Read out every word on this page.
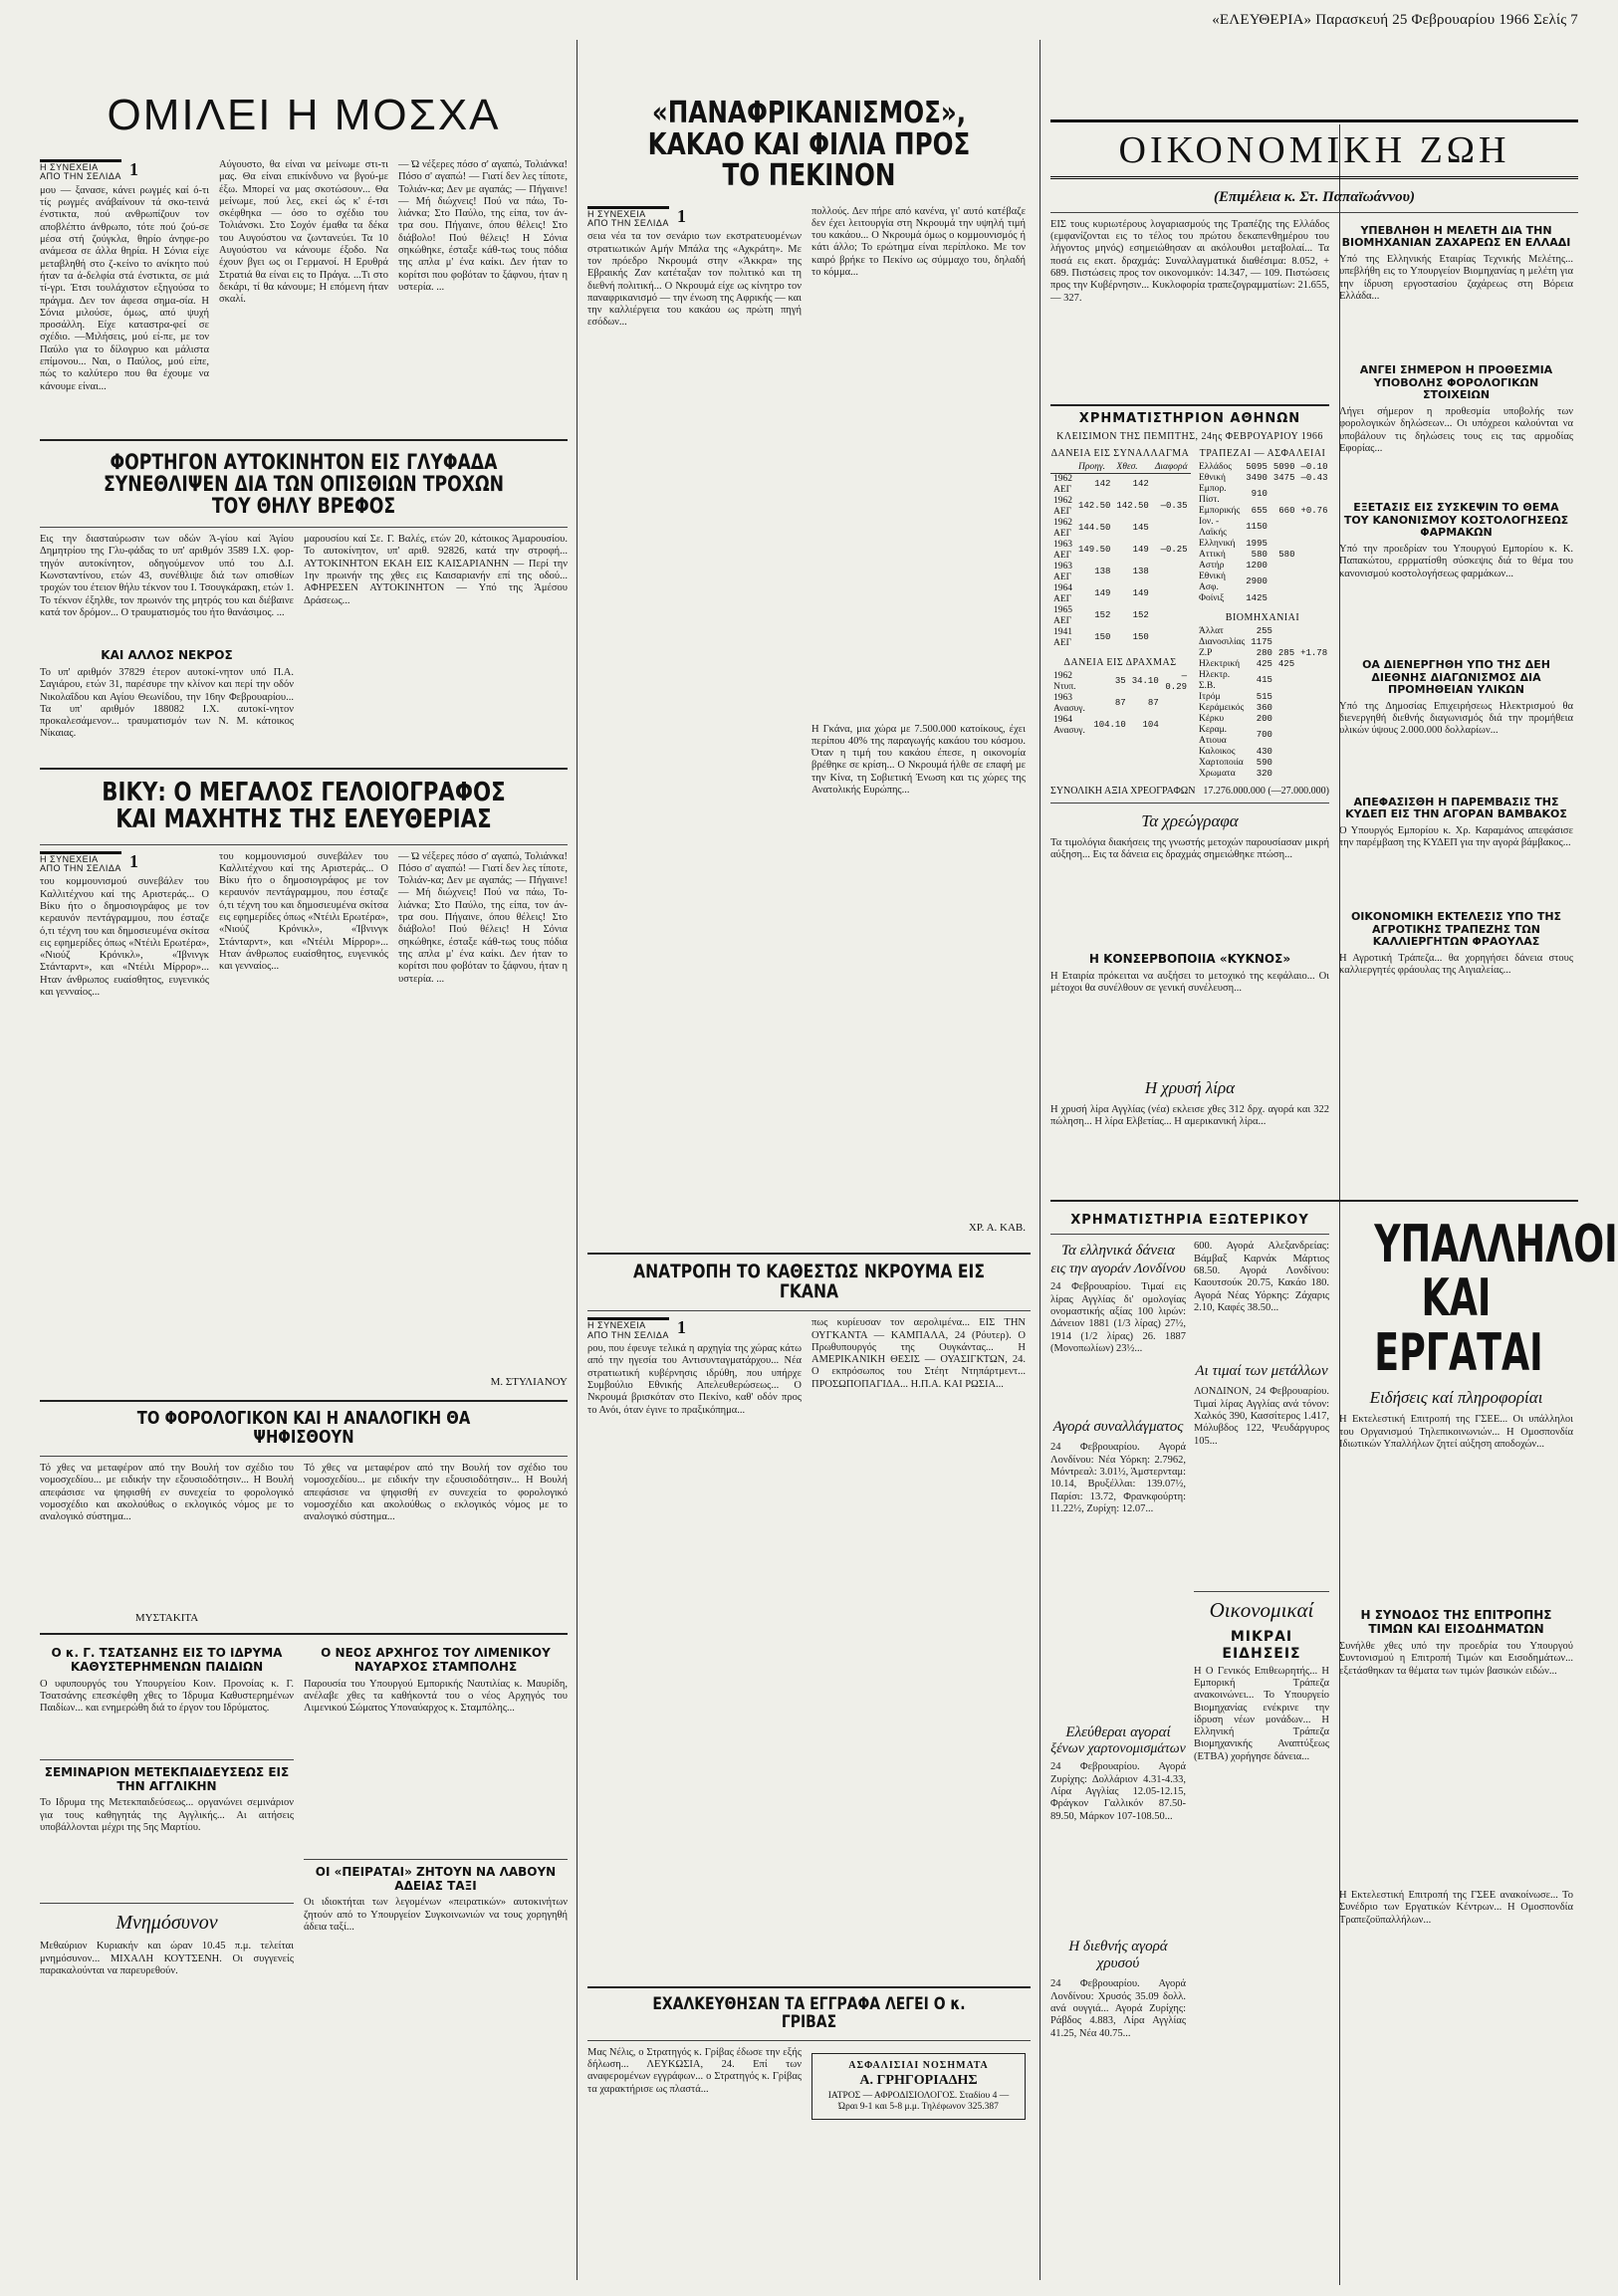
«ΕΛΕΥΘΕΡΙΑ» Παρασκευή 25 Φεβρουαρίου 1966 Σελίς 7
ΟΜΙΛΕΙ Η ΜΟΣΧΑ
Η ΣΥΝΕΧΕΙΑ
ΑΠΟ ΤΗΝ ΣΕΛΙΔΑ 1

μου — ξανασε, κάνει ρωγμές καί ό-τι τίς ρωγμές ανάβαίνουν τά σκο-τεινά ένστικτα, πού ανθρωπίζουν τον αποβλέπτο άνθρωπο, τότε πού ζού-σε μέσα στή ζούγκλα, θηρίο άνηφε-ρο ανάμεσα σε άλλα θηρία. Η Σόνια είχε μεταβληθή στο ζ-κείνο το ανίκητο πού ήταν τα ά-δελφία στά ένστικτα, σε μιά τί-γρι. Έτσι τουλάχιστον εξηγούσα το πράγμα. Δεν τον άφεσα σημα-σία. Η Σόνια μιλούσε, όμως, από ψυχή προσάλλη. Είχε καταστρα-φεί σε σχέδιο. —Μιλήσεις, μού εί-πε, με τον Παύλο για το δίλογρυο και μάλιστα επίμονου... Ναι, ο Παύλος, μού είπε, πώς το καλύτερο που θα έχουμε να κάνουμε είναι...

Αύγουστο, θα είναι να μείνωμε στι-τι μας. Θα είναι επικίνδυνο να βγού-με έξω. Μπορεί να μας σκοτώσουν... Θα μείνωμε, πού λες, εκεί ώς κ' έ-τσι σκέφθηκα — όσο το σχέδιο του Τολιάνσκι. Στο Σοχόν έμαθα τα δέκα του Αυγούστου να ζωντανεύει. Τα 10 Αυγούστου να κάνουμε έξοδο. Να έχουν βγει ως οι Γερμανοί. Η Ερυθρά Στρατιά θα είναι εις το Πράγα. ...Τι στο δεκάρι, τί θα κάνουμε; Η επόμενη ήταν σκαλί.

— Ώ νέξερες πόσο σ' αγαπώ, Τολιάνκα! Πόσο σ' αγαπώ! — Γιατί δεν λες τίποτε, Τολιάν-κα; Δεν με αγαπάς; — Πήγαινε! — Μή διώχνεις! Πού να πάω, Το-λιάνκα; Στο Παύλο, της είπα, τον άν-τρα σου. Πήγαινε, όπου θέλεις! Στο διάβολο! Πού θέλεις! Η Σόνια σηκώθηκε, έσταξε κάθ-τως τους πόδια της απλα μ' ένα καίκι. Δεν ήταν το κορίτσι που φοβόταν το ξάφνου, ήταν η υστερία. ...

ΦΟΡΤΗΓΟΝ ΑΥΤΟΚΙΝΗΤΟΝ ΕΙΣ ΓΛΥΦΑΔΑ ΣΥΝΕΘΛΙΨΕΝ ΔΙΑ ΤΩΝ ΟΠΙΣΘΙΩΝ ΤΡΟΧΩΝ ΤΟΥ ΘΗΛΥ ΒΡΕΦΟΣ

Εις την διασταύρωσιν των οδών Ά-γίου καί Άγίου Δημητρίου της Γλυ-φάδας το υπ' αριθμόν 3589 Ι.Χ. φορ-τηγόν αυτοκίνητον, οδηγούμενον υπό του Δ.Ι. Κωνσταντίνου, ετών 43, συνέθλιψε διά των οπισθίων τροχών του έτειον θήλυ τέκνον του Ι. Τσουγκάρακη, ετών 1. Το τέκνον έξηλθε, τον πρωινόν της μητρός του και διέβαινε κατά τον δρόμον... Ο τραυματισμός του ήτο θανάσιμος. ...

ΚΑΙ ΑΛΛΟΣ ΝΕΚΡΟΣ

Το υπ' αριθμόν 37829 έτερον αυτοκί-νητον υπό Π.Α. Σαγιάρου, ετών 31, παρέσυρε την κλίνον και περί την οδόν Νικολαΐδου και Αγίου Θεωνίδου, την 16ην Φεβρουαρίου... Τα υπ' αριθμόν 188082 Ι.Χ. αυτοκί-νητον προκαλεσάμενον... τραυματισμόν των Ν. Μ. κάτοικος Νίκαιας.

μαρουσίου καί Σε. Γ. Βαλές, ετών 20, κάτοικος Άμαρουσίου. Το αυτοκίνητον, υπ' αριθ. 92826, κατά την στροφή... ΑΥΤΟΚΙΝΗΤΟΝ ΕΚΑΗ ΕΙΣ ΚΑΙΣΑΡΙΑΝΗΝ — Περί την 1ην πρωινήν της χθες εις Καισαριανήν επί της οδού... ΑΦΗΡΕΣΕΝ ΑΥΤΟΚΙΝΗΤΟΝ — Υπό της Άμέσου Δράσεως...

ΒΙΚΥ: Ο ΜΕΓΑΛΟΣ ΓΕΛΟΙΟΓΡΑΦΟΣ ΚΑΙ ΜΑΧΗΤΗΣ ΤΗΣ ΕΛΕΥΘΕΡΙΑΣ
Η ΣΥΝΕΧΕΙΑ
ΑΠΟ ΤΗΝ ΣΕΛΙΔΑ 1

του κομμουνισμού συνεβάλεν του Καλλιτέχνου καί της Αριστεράς... Ο Βίκυ ήτο ο δημοσιογράφος με τον κεραυνόν πεντάγραμμου, που έσταζε ό,τι τέχνη του και δημοσιευμένα σκίτσα εις εφημερίδες όπως «Ντέιλι Ερωτέρα», «Νιούζ Κρόνικλ», «Ίβνινγκ Στάνταρντ», και «Ντέιλι Μίρρορ»... Ηταν άνθρωπος ευαίσθητος, ευγενικός και γενναίος...

του κομμουνισμού συνεβάλεν του Καλλιτέχνου καί της Αριστεράς... Ο Βίκυ ήτο ο δημοσιογράφος με τον κεραυνόν πεντάγραμμου, που έσταζε ό,τι τέχνη του και δημοσιευμένα σκίτσα εις εφημερίδες όπως «Ντέιλι Ερωτέρα», «Νιούζ Κρόνικλ», «Ίβνινγκ Στάνταρντ», και «Ντέιλι Μίρρορ»... Ηταν άνθρωπος ευαίσθητος, ευγενικός και γενναίος...

— Ώ νέξερες πόσο σ' αγαπώ, Τολιάνκα! Πόσο σ' αγαπώ! — Γιατί δεν λες τίποτε, Τολιάν-κα; Δεν με αγαπάς; — Πήγαινε! — Μή διώχνεις! Πού να πάω, Το-λιάνκα; Στο Παύλο, της είπα, τον άν-τρα σου. Πήγαινε, όπου θέλεις! Στο διάβολο! Πού θέλεις! Η Σόνια σηκώθηκε, έσταξε κάθ-τως τους πόδια της απλα μ' ένα καίκι. Δεν ήταν το κορίτσι που φοβόταν το ξάφνου, ήταν η υστερία. ...

Μ. ΣΤΥΛΙΑΝΟΥ
ΤΟ ΦΟΡΟΛΟΓΙΚΟΝ ΚΑΙ Η ΑΝΑΛΟΓΙΚΗ ΘΑ ΨΗΦΙΣΘΟΥΝ

Τό χθες να μεταφέρον από την Βουλή τον σχέδιο του νομοσχεδίου... με ειδικήν την εξουσιοδότησιν... Η Βουλή απεφάσισε να ψηφισθή εν συνεχεία το φορολογικό νομοσχέδιο και ακολούθως ο εκλογικός νόμος με το αναλογικό σύστημα...

ΜΥΣΤΑΚΙΤΑ

Τό χθες να μεταφέρον από την Βουλή τον σχέδιο του νομοσχεδίου... με ειδικήν την εξουσιοδότησιν... Η Βουλή απεφάσισε να ψηφισθή εν συνεχεία το φορολογικό νομοσχέδιο και ακολούθως ο εκλογικός νόμος με το αναλογικό σύστημα...

Ο κ. Γ. ΤΣΑΤΣΑΝΗΣ ΕΙΣ ΤΟ ΙΔΡΥΜΑ ΚΑΘΥΣΤΕΡΗΜΕΝΩΝ ΠΑΙΔΙΩΝ

Ο υφυπουργός του Υπουργείου Κοιν. Προνοίας κ. Γ. Τσατσάνης επεσκέφθη χθες το Ίδρυμα Καθυστερημένων Παιδίων... και ενημερώθη διά το έργον του Ιδρύματος.

ΣΕΜΙΝΑΡΙΟΝ ΜΕΤΕΚΠΑΙΔΕΥΣΕΩΣ ΕΙΣ ΤΗΝ ΑΓΓΛΙΚΗΝ

Το Ιδρυμα της Μετεκπαιδεύσεως... οργανώνει σεμινάριον για τους καθηγητάς της Αγγλικής... Αι αιτήσεις υποβάλλονται μέχρι της 5ης Μαρτίου.

Μνημόσυνον

Μεθαύριον Κυριακήν και ώραν 10.45 π.μ. τελείται μνημόσυνον... ΜΙΧΑΛΗ ΚΟΥΤΣΕΝΗ. Οι συγγενείς παρακαλούνται να παρευρεθούν.

Ο ΝΕΟΣ ΑΡΧΗΓΟΣ ΤΟΥ ΛΙΜΕΝΙΚΟΥ ΝΑΥΑΡΧΟΣ ΣΤΑΜΠΟΛΗΣ

Παρουσία του Υπουργού Εμπορικής Ναυτιλίας κ. Μαυρίδη, ανέλαβε χθες τα καθήκοντά του ο νέος Αρχηγός του Λιμενικού Σώματος Υποναύαρχος κ. Σταμπόλης...

ΟΙ «ΠΕΙΡΑΤΑΙ» ΖΗΤΟΥΝ ΝΑ ΛΑΒΟΥΝ ΑΔΕΙΑΣ ΤΑΞΙ

Οι ιδιοκτήται των λεγομένων «πειρατικών» αυτοκινήτων ζητούν από το Υπουργείον Συγκοινωνιών να τους χορηγηθή άδεια ταξί...

«ΠΑΝΑΦΡΙΚΑΝΙΣΜΟΣ», ΚΑΚΑΟ ΚΑΙ ΦΙΛΙΑ ΠΡΟΣ ΤΟ ΠΕΚΙΝΟΝ
Η ΣΥΝΕΧΕΙΑ
ΑΠΟ ΤΗΝ ΣΕΛΙΔΑ 1

σεια νέα τα τον σενάριο των εκστρατευομένων στρατιωτικών Αμήν Μπάλα της «Αχκράτη». Με τον πρόεδρο Νκρουμά στην «Άκκρα» της Εβραικής Ζαν κατέταξαν τον πολιτικό και τη διεθνή πολιτική... Ο Νκρουμά είχε ως κίνητρο τον παναφρικανισμό — την ένωση της Αφρικής — και την καλλιέργεια του κακάου ως πρώτη πηγή εσόδων...

πολλούς. Δεν πήρε από κανένα, γι' αυτό κατέβαζε δεν έχει λειτουργία στη Νκρουμά την υψηλή τιμή του κακάου... Ο Νκρουμά όμως ο κομμουνισμός ή κάτι άλλο; Το ερώτημα είναι περίπλοκο. Με τον καιρό βρήκε το Πεκίνο ως σύμμαχο του, δηλαδή το κόμμα...

Η Γκάνα, μια χώρα με 7.500.000 κατοίκους, έχει περίπου 40% της παραγωγής κακάου του κόσμου. Όταν η τιμή του κακάου έπεσε, η οικονομία βρέθηκε σε κρίση... Ο Νκρουμά ήλθε σε επαφή με την Κίνα, τη Σοβιετική Ένωση και τις χώρες της Ανατολικής Ευρώπης...

ΧΡ. Α. ΚΑΒ.
ΑΝΑΤΡΟΠΗ ΤΟ ΚΑΘΕΣΤΩΣ ΝΚΡΟΥΜΑ ΕΙΣ ΓΚΑΝΑ
Η ΣΥΝΕΧΕΙΑ
ΑΠΟ ΤΗΝ ΣΕΛΙΔΑ 1

ρου, που έφευγε τελικά η αρχηγία της χώρας κάτω από την ηγεσία του Αντισυνταγματάρχου... Νέα στρατιωτική κυβέρνησις ιδρύθη, που υπήρχε Συμβούλιο Εθνικής Απελευθερώσεως... Ο Νκρουμά βρισκόταν στο Πεκίνο, καθ' οδόν προς το Ανόι, όταν έγινε το πραξικόπημα...

πως κυρίευσαν τον αερολιμένα... ΕΙΣ ΤΗΝ ΟΥΓΚΑΝΤΑ — ΚΑΜΠΑΛΑ, 24 (Ρόυτερ). Ο Πρωθυπουργός της Ουγκάντας... Η ΑΜΕΡΙΚΑΝΙΚΗ ΘΕΣΙΣ — ΟΥΑΣΙΓΚΤΩΝ, 24. Ο εκπρόσωπος του Στέητ Ντηπάρτμεντ... ΠΡΟΣΩΠΟΠΑΓΙΔΑ... Η.Π.Α. ΚΑΙ ΡΩΣΙΑ...

ΕΧΑΛΚΕΥΘΗΣΑΝ ΤΑ ΕΓΓΡΑΦΑ ΛΕΓΕΙ Ο κ. ΓΡΙΒΑΣ

Μας Νέλις, ο Στρατηγός κ. Γρίβας έδωσε την εξής δήλωση... ΛΕΥΚΩΣΙΑ, 24. Επί των αναφερομένων εγγράφων... ο Στρατηγός κ. Γρίβας τα χαρακτήρισε ως πλαστά...

ΑΣΦΑΛΙΣΙΑΙ ΝΟΣΗΜΑΤΑ
Α. ΓΡΗΓΟΡΙΑΔΗΣ
ΙΑΤΡΟΣ — ΑΦΡΟΔΙΣΙΟΛΟΓΟΣ. Σταδίου 4 — Ώραι 9-1 και 5-8 μ.μ. Τηλέφωνον 325.387
ΟΙΚΟΝΟΜΙΚΗ ΖΩΗ
(Επιμέλεια κ. Στ. Παπαϊωάννου)

ΕΙΣ τους κυριωτέρους λογαριασμούς της Τραπέζης της Ελλάδος (εμφανίζονται εις το τέλος του πρώτου δεκαπενθημέρου του λήγοντος μηνός) εσημειώθησαν αι ακόλουθοι μεταβολαί... Τα ποσά εις εκατ. δραχμάς: Συναλλαγματικά διαθέσιμα: 8.052, + 689. Πιστώσεις προς τον οικονομικόν: 14.347, — 109. Πιστώσεις προς την Κυβέρνησιν... Κυκλοφορία τραπεζογραμματίων: 21.655, — 327.

ΧΡΗΜΑΤΙΣΤΗΡΙΟΝ ΑΘΗΝΩΝ
ΚΛΕΙΣΙΜΟΝ ΤΗΣ ΠΕΜΠΤΗΣ, 24ης ΦΕΒΡΟΥΑΡΙΟΥ 1966
ΔΑΝΕΙΑ ΕΙΣ ΣΥΝΑΛΛΑΓΜΑ
	Προηγ.	Χθεσ.	Διαφορά
1962 ΑΕΓ	142	142	
1962 ΑΕΓ	142.50	142.50	—0.35
1962 ΑΕΓ	144.50	145	
1963 ΑΕΓ	149.50	149	—0.25
1963 ΑΕΓ	138	138	
1964 ΑΕΓ	149	149	
1965 ΑΕΓ	152	152	
1941 ΑΕΓ	150	150	
ΔΑΝΕΙΑ ΕΙΣ ΔΡΑΧΜΑΣ
1962 Ντυπ.	35	34.10	—0.29
1963 Ανασυγ.	87	87	
1964 Ανασυγ.	104.10	104	
ΤΡΑΠΕΖΑΙ — ΑΣΦΑΛΕΙΑΙ
Ελλάδος	5095	5090	—0.10
Εθνική	3490	3475	—0.43
Εμπορ. Πίστ.	910		
Εμπορικής	655	660	+0.76
Ιον. - Λαϊκής	1150		
Ελληνική	1995		
Αττική	580	580	
Αστήρ	1200		
Εθνική Ασφ.	2900		
Φοίνιξ	1425		
ΒΙΟΜΗΧΑΝΙΑΙ
Άλλατ	255		
Διανοσιλίας	1175		
Ζ.Ρ	280	285	+1.78
Ηλεκτρική	425	425	
Ηλεκτρ. Σ.Β.	415		
Ιτρόμ	515		
Κεράμεικός	360		
Κέρκυ	200		
Κεραμ. Ατιουα	700		
Καλοικος	430		
Χαρτοποιία	590		
Χρωματα	320		
ΣΥΝΟΛΙΚΗ ΑΞΙΑ ΧΡΕΟΓΡΑΦΩΝ 17.276.000.000 (—27.000.000)
Τα χρεώγραφα

Τα τιμολόγια διακήσεις της γνωστής μετοχών παρουσίασαν μικρή αύξηση... Εις τα δάνεια εις δραχμάς σημειώθηκε πτώση...

Η ΚΟΝΣΕΡΒΟΠΟΙΙΑ «ΚΥΚΝΟΣ»

Η Εταιρία πρόκειται να αυξήσει το μετοχικό της κεφάλαιο... Οι μέτοχοι θα συνέλθουν σε γενική συνέλευση...

Η χρυσή λίρα

Η χρυσή λίρα Αγγλίας (νέα) εκλεισε χθες 312 δρχ. αγορά και 322 πώληση... Η λίρα Ελβετίας... Η αμερικανική λίρα...

ΥΠΕΒΛΗΘΗ Η ΜΕΛΕΤΗ ΔΙΑ ΤΗΝ ΒΙΟΜΗΧΑΝΙΑΝ ΖΑΧΑΡΕΩΣ ΕΝ ΕΛΛΑΔΙ

Υπό της Ελληνικής Εταιρίας Τεχνικής Μελέτης... υπεβλήθη εις το Υπουργείον Βιομηχανίας η μελέτη για την ίδρυση εργοστασίου ζαχάρεως στη Βόρεια Ελλάδα...

ΑΝΓΕΙ ΣΗΜΕΡΟΝ Η ΠΡΟΘΕΣΜΙΑ ΥΠΟΒΟΛΗΣ ΦΟΡΟΛΟΓΙΚΩΝ ΣΤΟΙΧΕΙΩΝ

Λήγει σήμερον η προθεσμία υποβολής των φορολογικών δηλώσεων... Οι υπόχρεοι καλούνται να υποβάλουν τις δηλώσεις τους εις τας αρμοδίας Εφορίας...

ΕΞΕΤΑΣΙΣ ΕΙΣ ΣΥΣΚΕΨΙΝ ΤΟ ΘΕΜΑ ΤΟΥ ΚΑΝΟΝΙΣΜΟΥ ΚΟΣΤΟΛΟΓΗΣΕΩΣ ΦΑΡΜΑΚΩΝ

Υπό την προεδρίαν του Υπουργού Εμπορίου κ. Κ. Παπακώτου, ερρματίσθη σύσκεψις διά το θέμα του κανονισμού κοστολογήσεως φαρμάκων...

ΟΑ ΔΙΕΝΕΡΓΗΘΗ ΥΠΟ ΤΗΣ ΔΕΗ ΔΙΕΘΝΗΣ ΔΙΑΓΩΝΙΣΜΟΣ ΔΙΑ ΠΡΟΜΗΘΕΙΑΝ ΥΛΙΚΩΝ

Υπό της Δημοσίας Επιχειρήσεως Ηλεκτρισμού θα διενεργηθή διεθνής διαγωνισμός διά την προμήθεια υλικών ύψους 2.000.000 δολλαρίων...

ΑΠΕΦΑΣΙΣΘΗ Η ΠΑΡΕΜΒΑΣΙΣ ΤΗΣ ΚΥΔΕΠ ΕΙΣ ΤΗΝ ΑΓΟΡΑΝ ΒΑΜΒΑΚΟΣ

Ο Υπουργός Εμπορίου κ. Χρ. Καραμάνος απεφάσισε την παρέμβαση της ΚΥΔΕΠ για την αγορά βάμβακος...

ΟΙΚΟΝΟΜΙΚΗ ΕΚΤΕΛΕΣΙΣ ΥΠΟ ΤΗΣ ΑΓΡΟΤΙΚΗΣ ΤΡΑΠΕΖΗΣ ΤΩΝ ΚΑΛΛΙΕΡΓΗΤΩΝ ΦΡΑΟΥΛΑΣ

Η Αγροτική Τράπεζα... θα χορηγήσει δάνεια στους καλλιεργητές φράουλας της Αιγιαλείας...

ΧΡΗΜΑΤΙΣΤΗΡΙΑ ΕΞΩΤΕΡΙΚΟΥ
Τα ελληνικά δάνεια
εις την αγοράν Λονδίνου

24 Φεβρουαρίου. Τιμαί εις λίρας Αγγλίας δι' ομολογίας ονομαστικής αξίας 100 λιρών: Δάνειον 1881 (1/3 λίρας) 27½, 1914 (1/2 λίρας) 26. 1887 (Μονοπωλίων) 23½...

Αγορά συναλλάγματος

24 Φεβρουαρίου. Αγορά Λονδίνου: Νέα Υόρκη: 2.7962, Μόντρεαλ: 3.01½, Άμστερνταμ: 10.14, Βρυξέλλαι: 139.07½, Παρίσι: 13.72, Φρανκφούρτη: 11.22½, Ζυρίχη: 12.07...

Ελεύθεραι αγοραί
ξένων χαρτονομισμάτων

24 Φεβρουαρίου. Αγορά Ζυρίχης: Δολλάριον 4.31-4.33, Λίρα Αγγλίας 12.05-12.15, Φράγκον Γαλλικόν 87.50-89.50, Μάρκον 107-108.50...

Η διεθνής αγορά χρυσού

24 Φεβρουαρίου. Αγορά Λονδίνου: Χρυσός 35.09 δολλ. ανά ουγγιά... Αγορά Ζυρίχης: Ράβδος 4.883, Λίρα Αγγλίας 41.25, Νέα 40.75...

600. Αγορά Αλεξανδρείας: Βάμβαξ Καρνάκ Μάρτιος 68.50. Αγορά Λονδίνου: Καουτσούκ 20.75, Κακάο 180. Αγορά Νέας Υόρκης: Ζάχαρις 2.10, Καφές 38.50...

Αι τιμαί των μετάλλων

ΛΟΝΔΙΝΟΝ, 24 Φεβρουαρίου. Τιμαί λίρας Αγγλίας ανά τόνον: Χαλκός 390, Κασσίτερος 1.417, Μόλυβδος 122, Ψευδάργυρος 105...

Οικονομικαί
ΜΙΚΡΑΙ ΕΙΔΗΣΕΙΣ

Η Ο Γενικός Επιθεωρητής... Η Εμπορική Τράπεζα ανακοινώνει... Το Υπουργείο Βιομηχανίας ενέκρινε την ίδρυση νέων μονάδων... Η Ελληνική Τράπεζα Βιομηχανικής Αναπτύξεως (ΕΤΒΑ) χορήγησε δάνεια...

ΥΠΑΛΛΗΛΟΙ ΚΑΙ ΕΡΓΑΤΑΙ
Ειδήσεις καί πληροφορίαι

Η Εκτελεστική Επιτροπή της ΓΣΕΕ... Οι υπάλληλοι του Οργανισμού Τηλεπικοινωνιών... Η Ομοσπονδία Ιδιωτικών Υπαλλήλων ζητεί αύξηση αποδοχών...

Η ΣΥΝΟΔΟΣ ΤΗΣ ΕΠΙΤΡΟΠΗΣ ΤΙΜΩΝ ΚΑΙ ΕΙΣΟΔΗΜΑΤΩΝ

Συνήλθε χθες υπό την προεδρία του Υπουργού Συντονισμού η Επιτροπή Τιμών και Εισοδημάτων... εξετάσθηκαν τα θέματα των τιμών βασικών ειδών...

Η Εκτελεστική Επιτροπή της ΓΣΕΕ ανακοίνωσε... Το Συνέδριο των Εργατικών Κέντρων... Η Ομοσπονδία Τραπεζοϋπαλλήλων...
